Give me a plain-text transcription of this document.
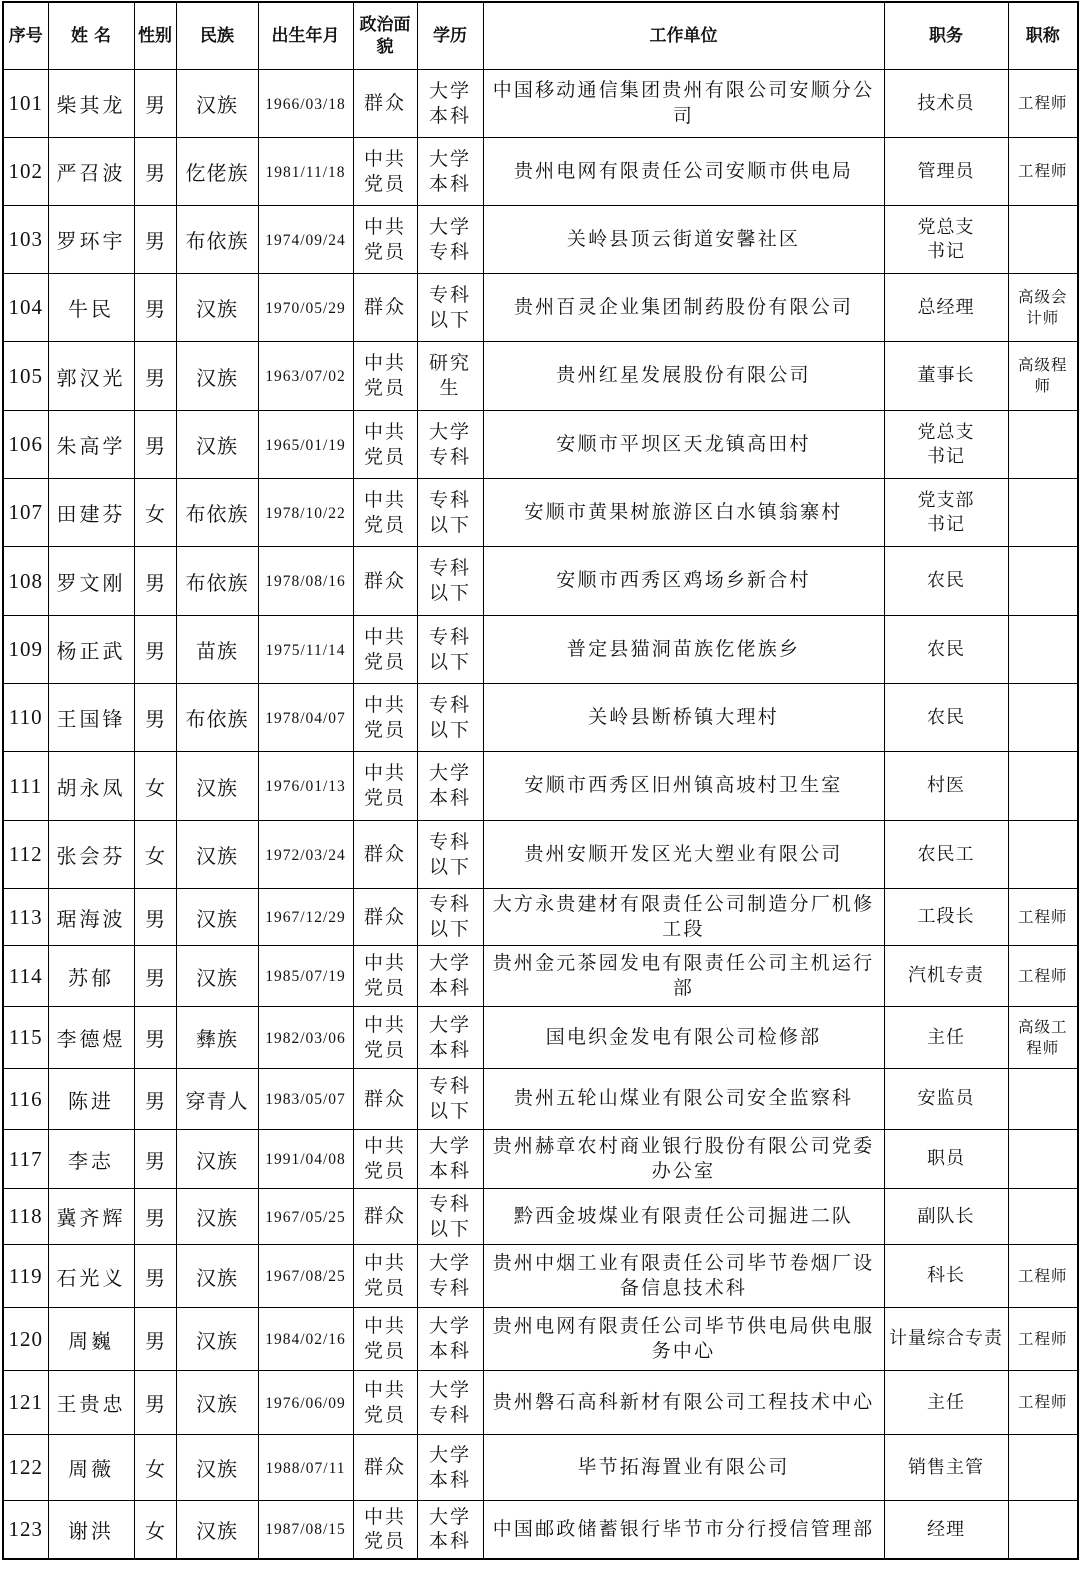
序号	姓 名	性别	民族	出生年月	政治面貌	学历	工作单位	职务	职称
101	柴其龙	男	汉族	1966/03/18	群众	大学本科	中国移动通信集团贵州有限公司安顺分公司	技术员	工程师
102	严召波	男	仡佬族	1981/11/18	中共党员	大学本科	贵州电网有限责任公司安顺市供电局	管理员	工程师
103	罗环宇	男	布依族	1974/09/24	中共党员	大学专科	关岭县顶云街道安馨社区	党总支书记	
104	牛民	男	汉族	1970/05/29	群众	专科以下	贵州百灵企业集团制药股份有限公司	总经理	高级会计师
105	郭汉光	男	汉族	1963/07/02	中共党员	研究生	贵州红星发展股份有限公司	董事长	高级程师
106	朱高学	男	汉族	1965/01/19	中共党员	大学专科	安顺市平坝区天龙镇高田村	党总支书记	
107	田建芬	女	布依族	1978/10/22	中共党员	专科以下	安顺市黄果树旅游区白水镇翁寨村	党支部书记	
108	罗文刚	男	布依族	1978/08/16	群众	专科以下	安顺市西秀区鸡场乡新合村	农民	
109	杨正武	男	苗族	1975/11/14	中共党员	专科以下	普定县猫洞苗族仡佬族乡	农民	
110	王国锋	男	布依族	1978/04/07	中共党员	专科以下	关岭县断桥镇大理村	农民	
111	胡永凤	女	汉族	1976/01/13	中共党员	大学本科	安顺市西秀区旧州镇高坡村卫生室	村医	
112	张会芬	女	汉族	1972/03/24	群众	专科以下	贵州安顺开发区光大塑业有限公司	农民工	
113	琚海波	男	汉族	1967/12/29	群众	专科以下	大方永贵建材有限责任公司制造分厂机修工段	工段长	工程师
114	苏郁	男	汉族	1985/07/19	中共党员	大学本科	贵州金元茶园发电有限责任公司主机运行部	汽机专责	工程师
115	李德煜	男	彝族	1982/03/06	中共党员	大学本科	国电织金发电有限公司检修部	主任	高级工程师
116	陈进	男	穿青人	1983/05/07	群众	专科以下	贵州五轮山煤业有限公司安全监察科	安监员	
117	李志	男	汉族	1991/04/08	中共党员	大学本科	贵州赫章农村商业银行股份有限公司党委办公室	职员	
118	冀齐辉	男	汉族	1967/05/25	群众	专科以下	黔西金坡煤业有限责任公司掘进二队	副队长	
119	石光义	男	汉族	1967/08/25	中共党员	大学专科	贵州中烟工业有限责任公司毕节卷烟厂设备信息技术科	科长	工程师
120	周巍	男	汉族	1984/02/16	中共党员	大学本科	贵州电网有限责任公司毕节供电局供电服务中心	计量综合专责	工程师
121	王贵忠	男	汉族	1976/06/09	中共党员	大学专科	贵州磐石高科新材有限公司工程技术中心	主任	工程师
122	周薇	女	汉族	1988/07/11	群众	大学本科	毕节拓海置业有限公司	销售主管	
123	谢洪	女	汉族	1987/08/15	中共党员	大学本科	中国邮政储蓄银行毕节市分行授信管理部	经理	
